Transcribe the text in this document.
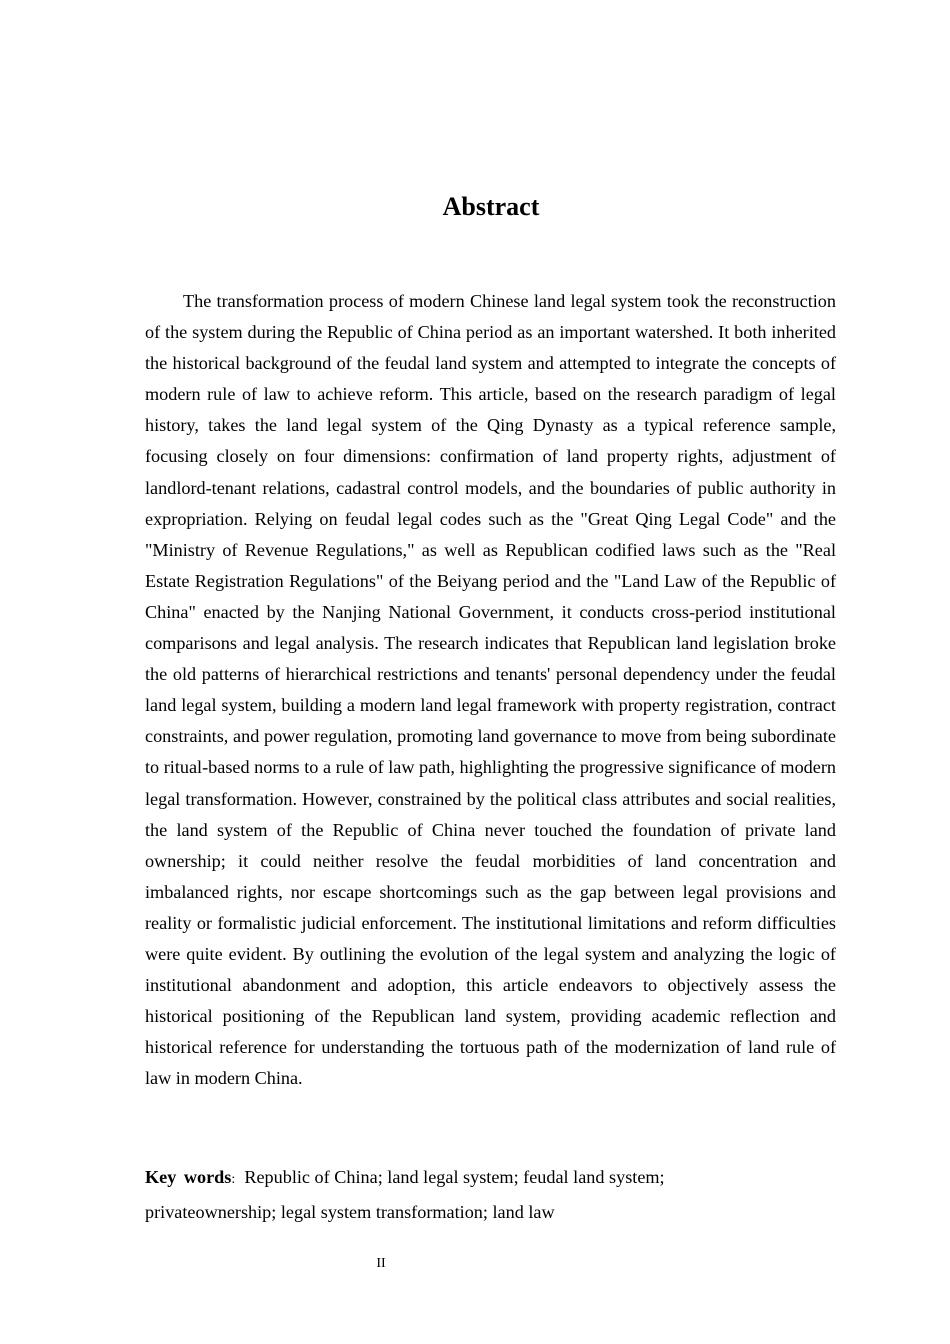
Abstract

The transformation process of modern Chinese land legal system took the reconstruction of the system during the Republic of China period as an important watershed. It both inherited the historical background of the feudal land system and attempted to integrate the concepts of modern rule of law to achieve reform. This article, based on the research paradigm of legal history, takes the land legal system of the Qing Dynasty as a typical reference sample, focusing closely on four dimensions: confirmation of land property rights, adjustment of landlord-tenant relations, cadastral control models, and the boundaries of public authority in expropriation. Relying on feudal legal codes such as the "Great Qing Legal Code" and the "Ministry of Revenue Regulations," as well as Republican codified laws such as the "Real Estate Registration Regulations" of the Beiyang period and the "Land Law of the Republic of China" enacted by the Nanjing National Government, it conducts cross-period institutional comparisons and legal analysis. The research indicates that Republican land legislation broke the old patterns of hierarchical restrictions and tenants' personal dependency under the feudal land legal system, building a modern land legal framework with property registration, contract constraints, and power regulation, promoting land governance to move from being subordinate to ritual-based norms to a rule of law path, highlighting the progressive significance of modern legal transformation. However, constrained by the political class attributes and social realities, the land system of the Republic of China never touched the foundation of private land ownership; it could neither resolve the feudal morbidities of land concentration and imbalanced rights, nor escape shortcomings such as the gap between legal provisions and reality or formalistic judicial enforcement. The institutional limitations and reform difficulties were quite evident. By outlining the evolution of the legal system and analyzing the logic of institutional abandonment and adoption, this article endeavors to objectively assess the historical positioning of the Republican land system, providing academic reflection and historical reference for understanding the tortuous path of the modernization of land rule of law in modern China.

Key words: Republic of China; land legal system; feudal land system;
privateownership; legal system transformation; land law
II
